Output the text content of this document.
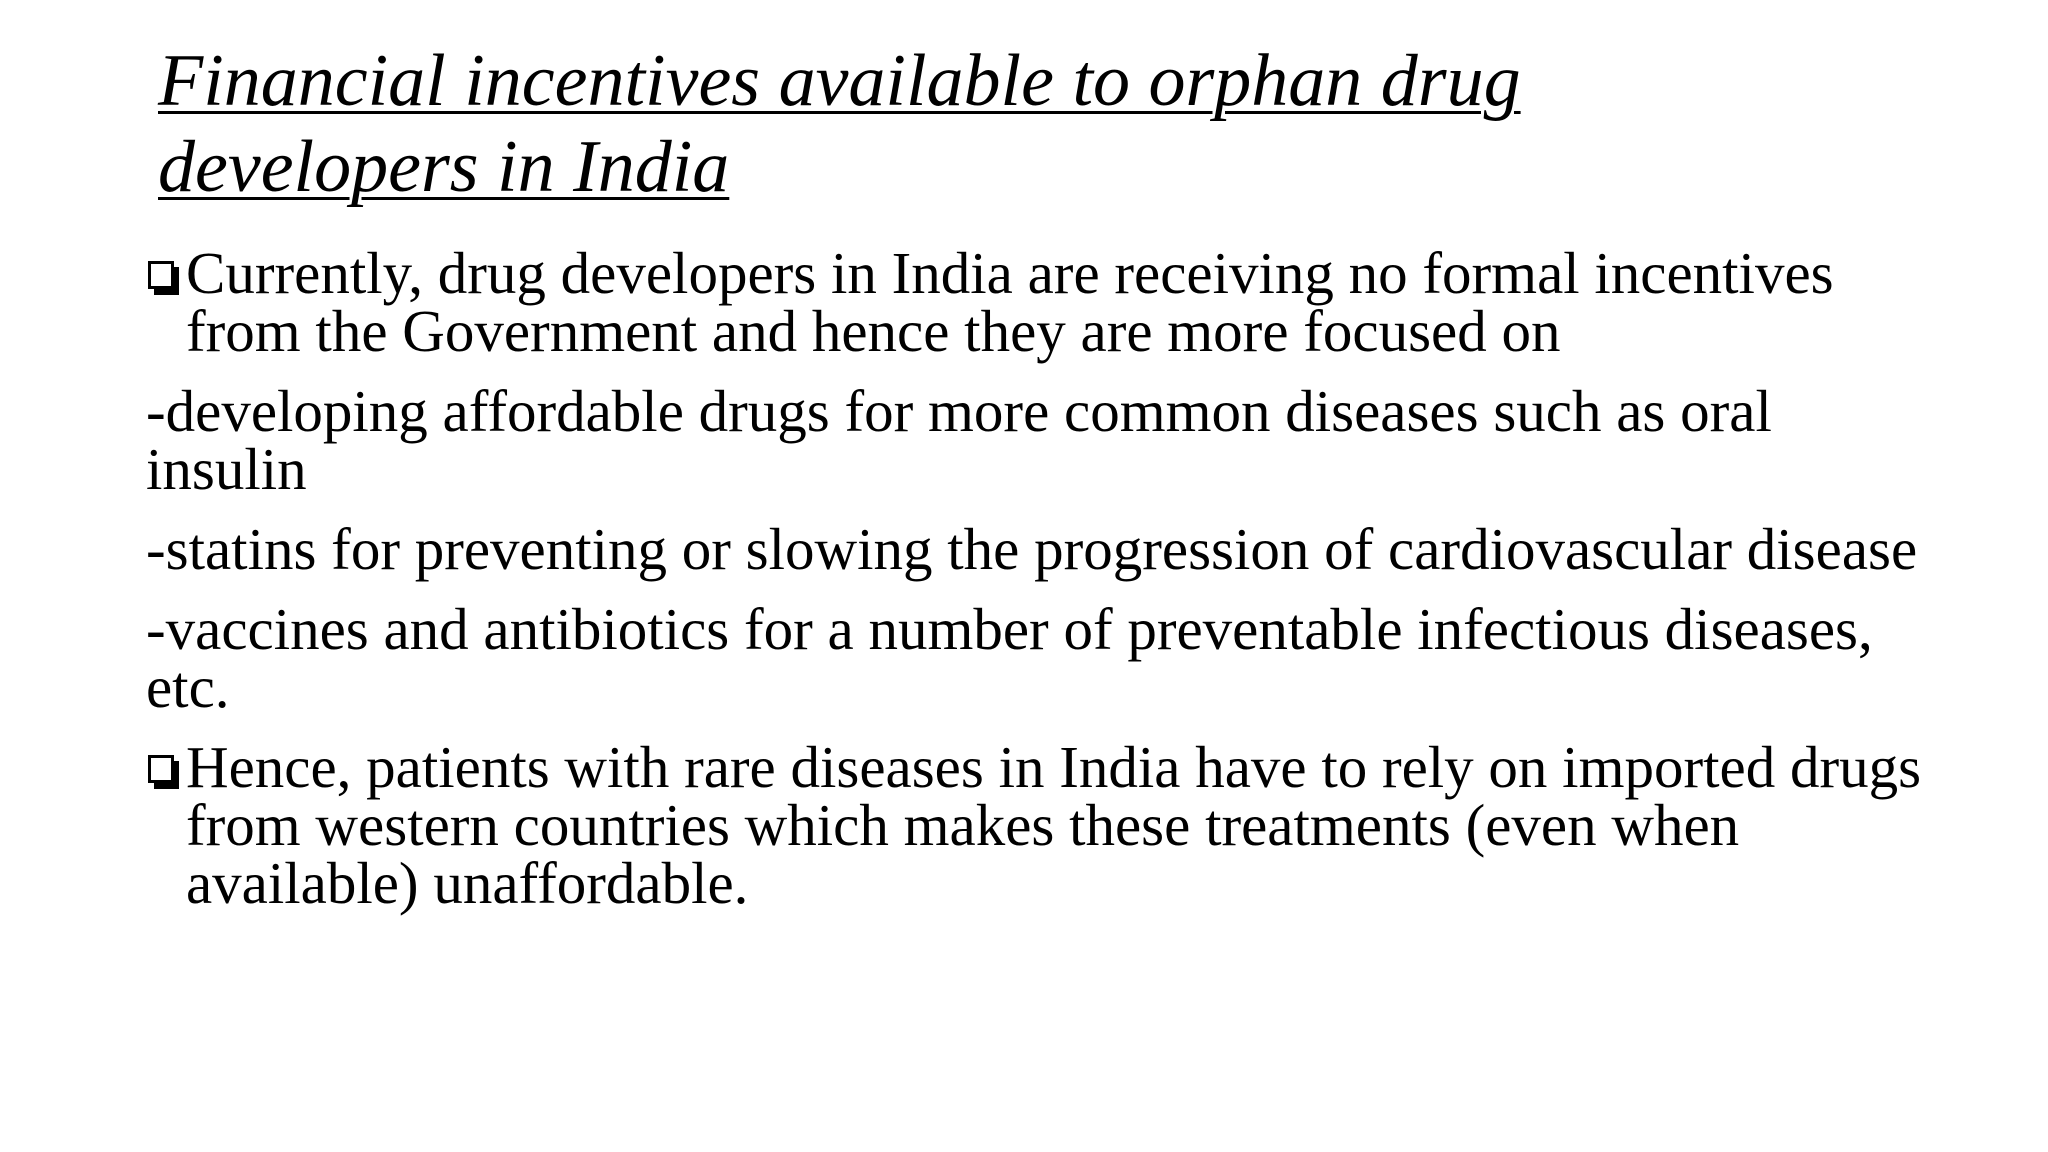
Financial incentives available to orphan drug
developers in India

Currently, drug developers in India are receiving no formal incentives from the Government and hence they are more focused on

-developing affordable drugs for more common diseases such as oral insulin

-statins for preventing or slowing the progression of cardiovascular disease

-vaccines and antibiotics for a number of preventable infectious diseases, etc.

Hence, patients with rare diseases in India have to rely on imported drugs from western countries which makes these treatments (even when available) unaffordable.
